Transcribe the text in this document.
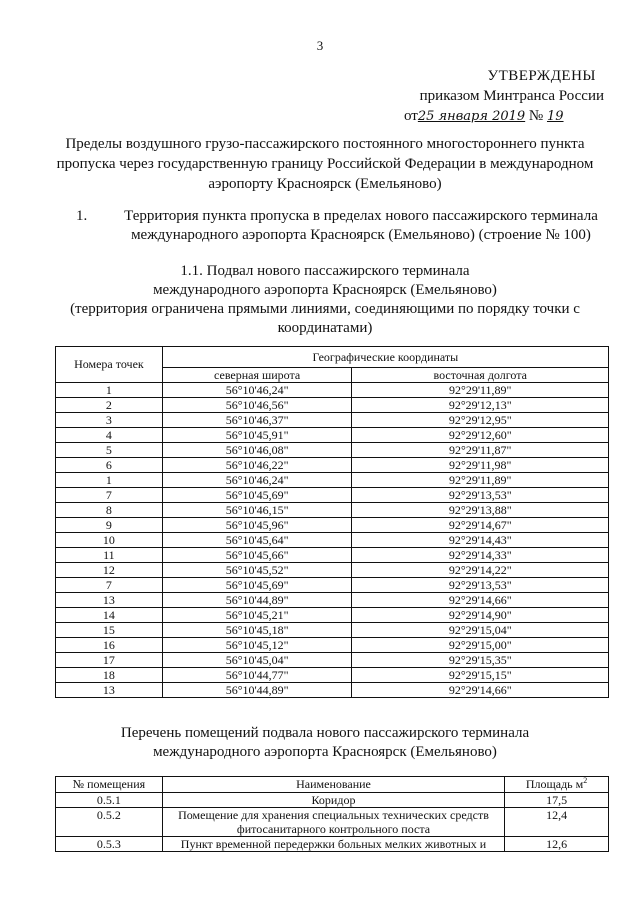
3
УТВЕРЖДЕНЫ
приказом Минтранса России
от25 января 2019 № 19
Пределы воздушного грузо-пассажирского постоянного многостороннего пункта пропуска через государственную границу Российской Федерации в международном аэропорту Красноярск (Емельяново)
1.	Территория пункта пропуска в пределах нового пассажирского терминала международного аэропорта Красноярск (Емельяново) (строение № 100)
1.1. Подвал нового пассажирского терминала
международного аэропорта Красноярск (Емельяново)
(территория ограничена прямыми линиями, соединяющими по порядку точки с координатами)
Номера точек	Географические координаты	
	северная широта	восточная долгота
1	56°10'46,24"	92°29'11,89"
2	56°10'46,56"	92°29'12,13"
3	56°10'46,37"	92°29'12,95"
4	56°10'45,91"	92°29'12,60"
5	56°10'46,08"	92°29'11,87"
6	56°10'46,22"	92°29'11,98"
1	56°10'46,24"	92°29'11,89"
7	56°10'45,69"	92°29'13,53"
8	56°10'46,15"	92°29'13,88"
9	56°10'45,96"	92°29'14,67"
10	56°10'45,64"	92°29'14,43"
11	56°10'45,66"	92°29'14,33"
12	56°10'45,52"	92°29'14,22"
7	56°10'45,69"	92°29'13,53"
13	56°10'44,89"	92°29'14,66"
14	56°10'45,21"	92°29'14,90"
15	56°10'45,18"	92°29'15,04"
16	56°10'45,12"	92°29'15,00"
17	56°10'45,04"	92°29'15,35"
18	56°10'44,77"	92°29'15,15"
13	56°10'44,89"	92°29'14,66"
Перечень помещений подвала нового пассажирского терминала
международного аэропорта Красноярск (Емельяново)
№ помещения	Наименование	Площадь $м^2$
0.5.1	Коридор	17,5
0.5.2	Помещение для хранения специальных технических средств фитосанитарного контрольного поста	12,4
0.5.3	Пункт временной передержки больных мелких животных и	12,6
